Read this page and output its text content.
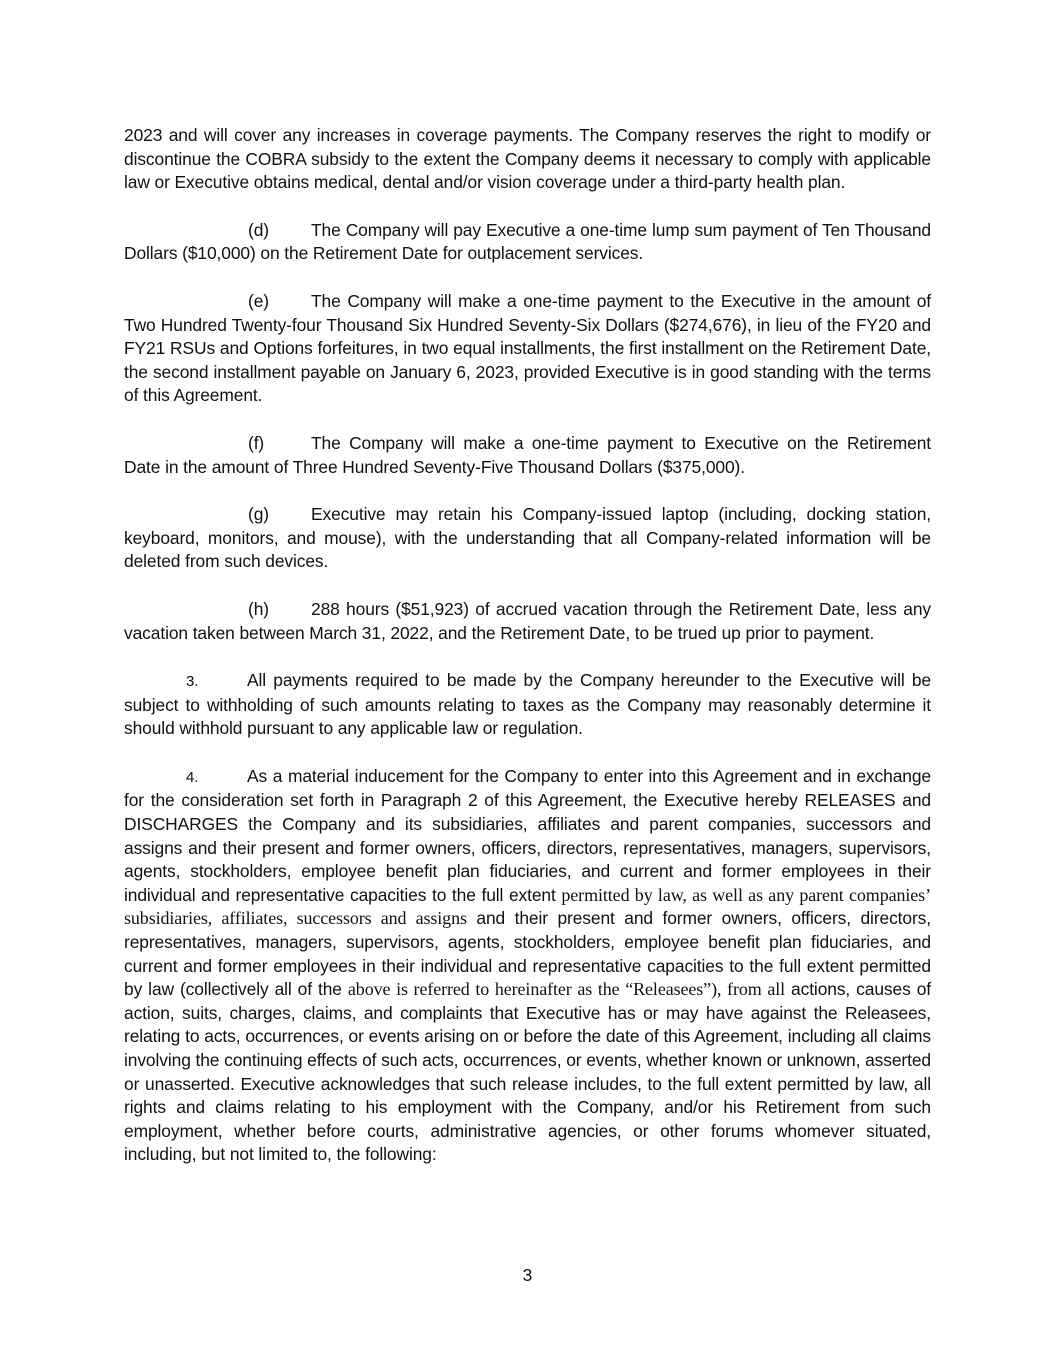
2023 and will cover any increases in coverage payments. The Company reserves the right to modify or discontinue the COBRA subsidy to the extent the Company deems it necessary to comply with applicable law or Executive obtains medical, dental and/or vision coverage under a third-party health plan.

(d) The Company will pay Executive a one-time lump sum payment of Ten Thousand Dollars ($10,000) on the Retirement Date for outplacement services.

(e) The Company will make a one-time payment to the Executive in the amount of Two Hundred Twenty-four Thousand Six Hundred Seventy-Six Dollars ($274,676), in lieu of the FY20 and FY21 RSUs and Options forfeitures, in two equal installments, the first installment on the Retirement Date, the second installment payable on January 6, 2023, provided Executive is in good standing with the terms of this Agreement.

(f)	The Company will make a one-time payment to Executive on the Retirement Date in the amount of Three Hundred Seventy-Five Thousand Dollars ($375,000).

(g) Executive may retain his Company-issued laptop (including, docking station, keyboard, monitors, and mouse), with the understanding that all Company-related information will be deleted from such devices.

(h) 288 hours ($51,923) of accrued vacation through the Retirement Date, less any vacation taken between March 31, 2022, and the Retirement Date, to be trued up prior to payment.

3.	All payments required to be made by the Company hereunder to the Executive will be subject to withholding of such amounts relating to taxes as the Company may reasonably determine it should withhold pursuant to any applicable law or regulation.

4.	As a material inducement for the Company to enter into this Agreement and in exchange for the consideration set forth in Paragraph 2 of this Agreement, the Executive hereby RELEASES and DISCHARGES the Company and its subsidiaries, affiliates and parent companies, successors and assigns and their present and former owners, officers, directors, representatives, managers, supervisors, agents, stockholders, employee benefit plan fiduciaries, and current and former employees in their individual and representative capacities to the full extent permitted by law, as well as any parent companies’ subsidiaries, affiliates, successors and assigns and their present and former owners, officers, directors, representatives, managers, supervisors, agents, stockholders, employee benefit plan fiduciaries, and current and former employees in their individual and representative capacities to the full extent permitted by law (collectively all of the above is referred to hereinafter as the “Releasees”), from all actions, causes of action, suits, charges, claims, and complaints that Executive has or may have against the Releasees, relating to acts, occurrences, or events arising on or before the date of this Agreement, including all claims involving the continuing effects of such acts, occurrences, or events, whether known or unknown, asserted or unasserted. Executive acknowledges that such release includes, to the full extent permitted by law, all rights and claims relating to his employment with the Company, and/or his Retirement from such employment, whether before courts, administrative agencies, or other forums whomever situated, including, but not limited to, the following:

3
